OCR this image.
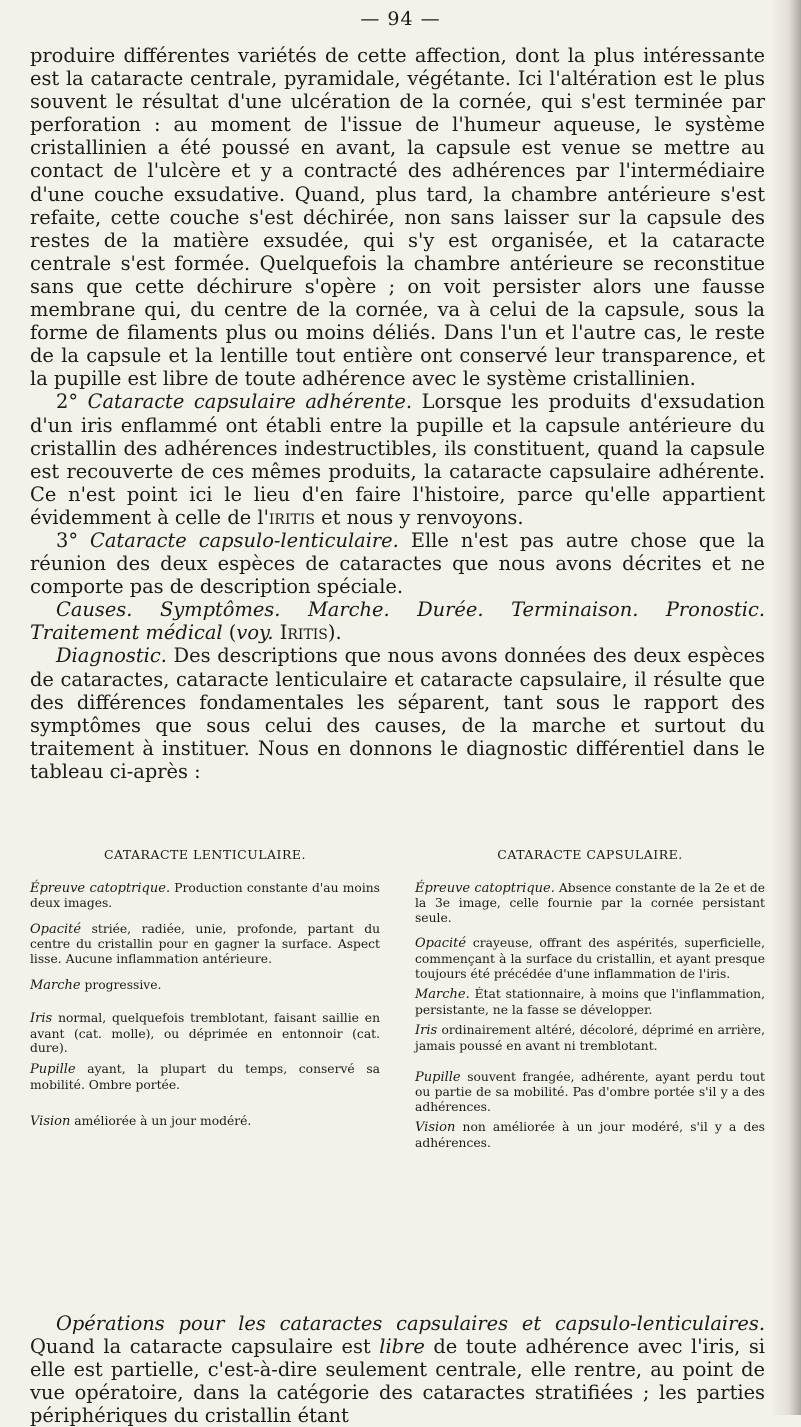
— 94 —

produire différentes variétés de cette affection, dont la plus intéressante est la cataracte centrale, pyramidale, végétante. Ici l'altération est le plus souvent le résultat d'une ulcération de la cornée, qui s'est terminée par perforation : au moment de l'issue de l'humeur aqueuse, le système cristallinien a été poussé en avant, la capsule est venue se mettre au contact de l'ulcère et y a contracté des adhérences par l'intermédiaire d'une couche exsudative. Quand, plus tard, la chambre antérieure s'est refaite, cette couche s'est déchirée, non sans laisser sur la capsule des restes de la matière exsudée, qui s'y est organisée, et la cataracte centrale s'est formée. Quelquefois la chambre antérieure se reconstitue sans que cette déchirure s'opère ; on voit persister alors une fausse membrane qui, du centre de la cornée, va à celui de la capsule, sous la forme de filaments plus ou moins déliés. Dans l'un et l'autre cas, le reste de la capsule et la lentille tout entière ont conservé leur transparence, et la pupille est libre de toute adhérence avec le système cristallinien.

2° Cataracte capsulaire adhérente. Lorsque les produits d'exsudation d'un iris enflammé ont établi entre la pupille et la capsule antérieure du cristallin des adhérences indestructibles, ils constituent, quand la capsule est recouverte de ces mêmes produits, la cataracte capsulaire adhérente. Ce n'est point ici le lieu d'en faire l'histoire, parce qu'elle appartient évidemment à celle de l'iritis et nous y renvoyons.

3° Cataracte capsulo-lenticulaire. Elle n'est pas autre chose que la réunion des deux espèces de cataractes que nous avons décrites et ne comporte pas de description spéciale.

Causes. Symptômes. Marche. Durée. Terminaison. Pronostic. Traitement médical (voy. Iritis).

Diagnostic. Des descriptions que nous avons données des deux espèces de cataractes, cataracte lenticulaire et cataracte capsulaire, il résulte que des différences fondamentales les séparent, tant sous le rapport des symptômes que sous celui des causes, de la marche et surtout du traitement à instituer. Nous en donnons le diagnostic différentiel dans le tableau ci-après :

CATARACTE LENTICULAIRE.

Épreuve catoptrique. Production constante d'au moins deux images.

Opacité striée, radiée, unie, profonde, partant du centre du cristallin pour en gagner la surface. Aspect lisse. Aucune inflammation antérieure.

Marche progressive.

Iris normal, quelquefois tremblotant, faisant saillie en avant (cat. molle), ou déprimée en entonnoir (cat. dure).

Pupille ayant, la plupart du temps, conservé sa mobilité. Ombre portée.

Vision améliorée à un jour modéré.

CATARACTE CAPSULAIRE.

Épreuve catoptrique. Absence constante de la 2e et de la 3e image, celle fournie par la cornée persistant seule.

Opacité crayeuse, offrant des aspérités, superficielle, commençant à la surface du cristallin, et ayant presque toujours été précédée d'une inflammation de l'iris.

Marche. État stationnaire, à moins que l'inflammation, persistante, ne la fasse se développer.

Iris ordinairement altéré, décoloré, déprimé en arrière, jamais poussé en avant ni tremblotant.

Pupille souvent frangée, adhérente, ayant perdu tout ou partie de sa mobilité. Pas d'ombre portée s'il y a des adhérences.

Vision non améliorée à un jour modéré, s'il y a des adhérences.

Opérations pour les cataractes capsulaires et capsulo-lenticulaires. Quand la cataracte capsulaire est libre de toute adhérence avec l'iris, si elle est partielle, c'est-à-dire seulement centrale, elle rentre, au point de vue opératoire, dans la catégorie des cataractes stratifiées ; les parties périphériques du cristallin étant
